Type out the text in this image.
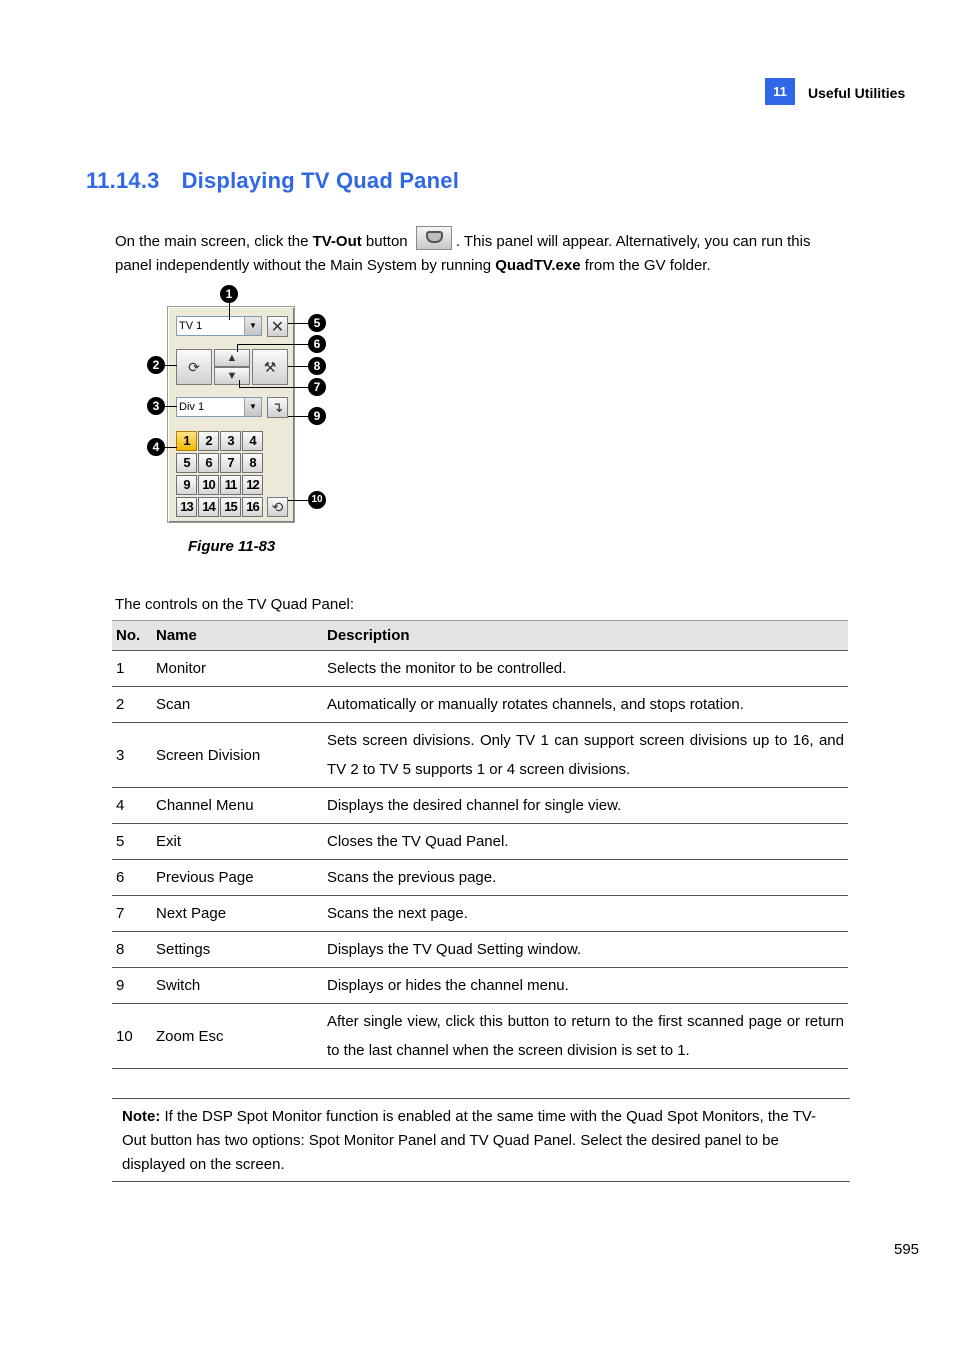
11	Useful Utilities
11.14.3 Displaying TV Quad Panel
On the main screen, click the TV-Out button	. This panel will appear. Alternatively, you can run this panel independently without the Main System by running QuadTV.exe from the GV folder.
TV 1	▼ ✕
⟳
▲
▼
⚒
Div 1	▼ ↴
1	2	3	4
5	6	7	8
9 10 11 12
13 14 15 16 ⟲
1
2
3
4
5
6
7
8
9
10
Figure 11-83
The controls on the TV Quad Panel:
No.	Name	Description
1	Monitor	Selects the monitor to be controlled.
2	Scan	Automatically or manually rotates channels, and stops rotation.
3	Screen Division	Sets screen divisions. Only TV 1 can support screen divisions up to 16, and TV 2 to TV 5 supports 1 or 4 screen divisions.
4	Channel Menu	Displays the desired channel for single view.
5	Exit	Closes the TV Quad Panel.
6	Previous Page	Scans the previous page.
7	Next Page	Scans the next page.
8	Settings	Displays the TV Quad Setting window.
9	Switch	Displays or hides the channel menu.
10	Zoom Esc	After single view, click this button to return to the first scanned page or return to the last channel when the screen division is set to 1.
Note: If the DSP Spot Monitor function is enabled at the same time with the Quad Spot Monitors, the TV-Out button has two options: Spot Monitor Panel and TV Quad Panel. Select the desired panel to be displayed on the screen.
595
